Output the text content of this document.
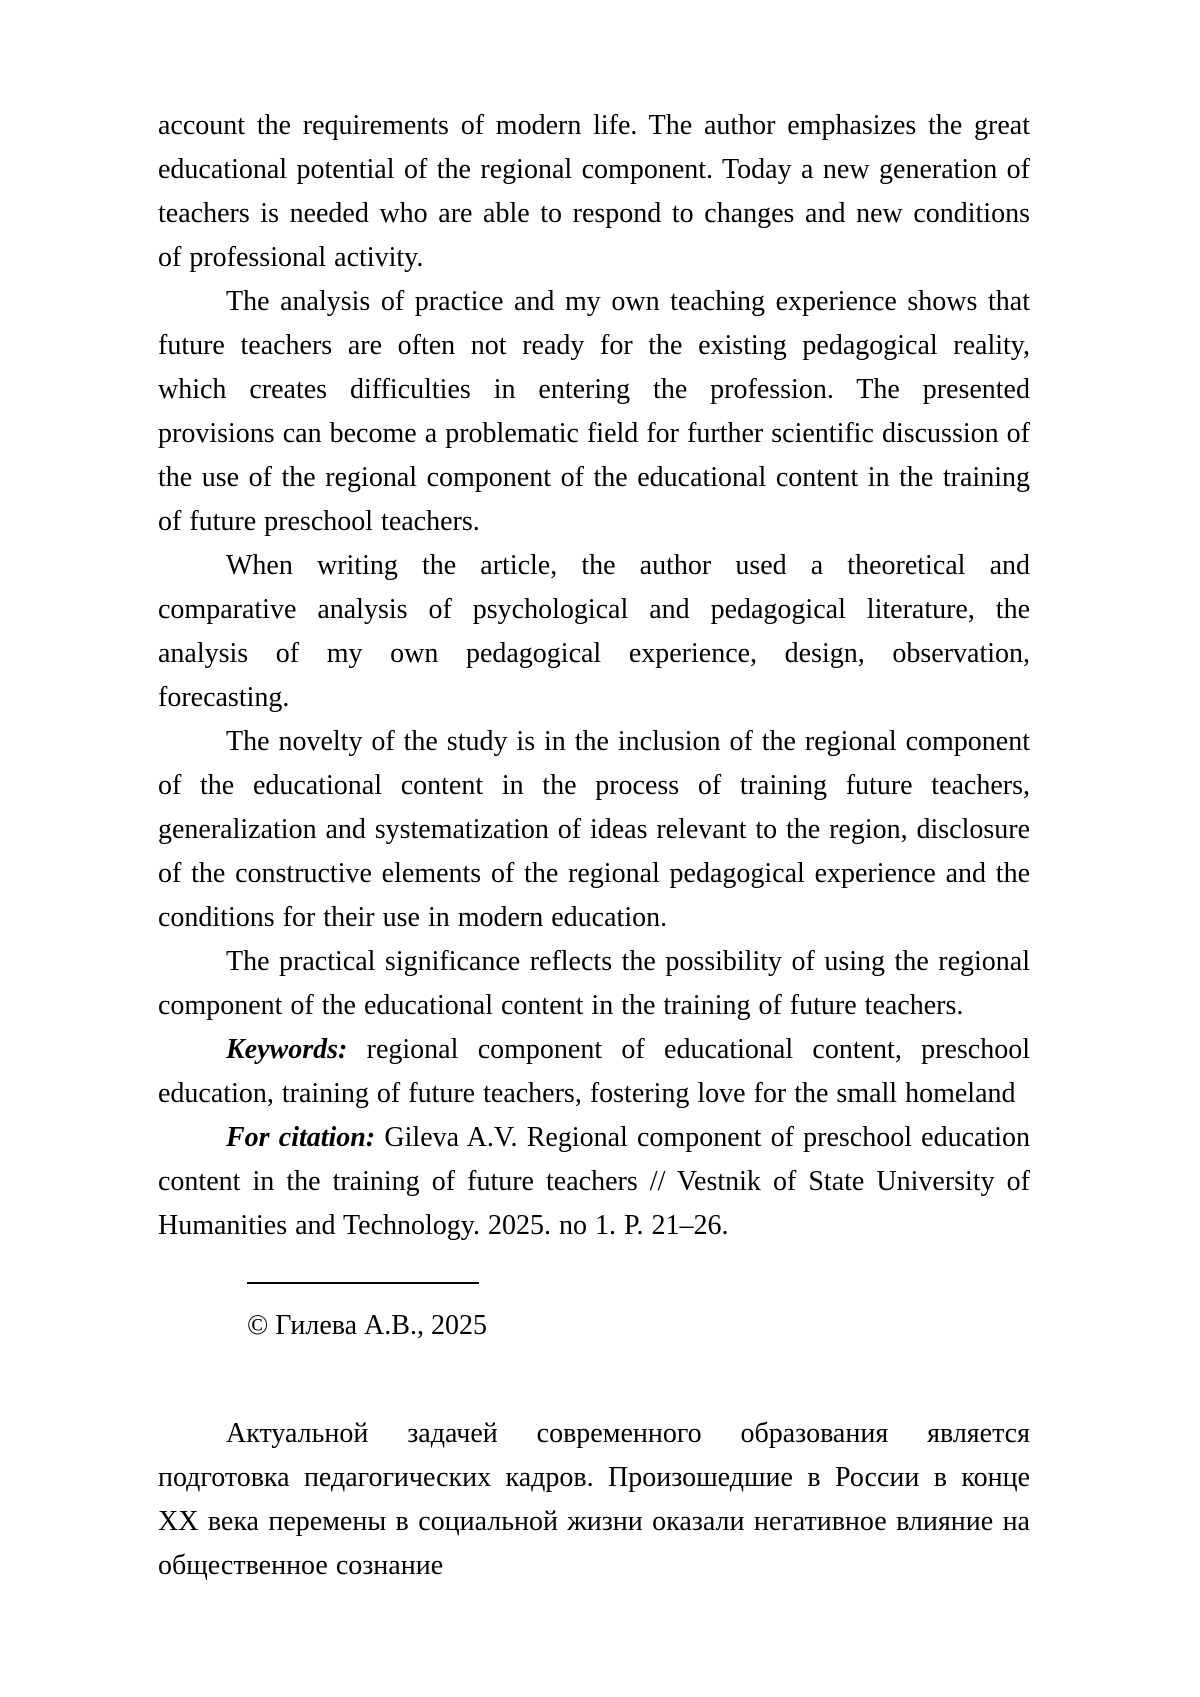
account the requirements of modern life. The author emphasizes the great educational potential of the regional component. Today a new generation of teachers is needed who are able to respond to changes and new conditions of professional activity.

The analysis of practice and my own teaching experience shows that future teachers are often not ready for the existing pedagogical reality, which creates difficulties in entering the profession. The presented provisions can become a problematic field for further scientific discussion of the use of the regional component of the educational content in the training of future preschool teachers.

When writing the article, the author used a theoretical and comparative analysis of psychological and pedagogical literature, the analysis of my own pedagogical experience, design, observation, forecasting.

The novelty of the study is in the inclusion of the regional component of the educational content in the process of training future teachers, generalization and systematization of ideas relevant to the region, disclosure of the constructive elements of the regional pedagogical experience and the conditions for their use in modern education.

The practical significance reflects the possibility of using the regional component of the educational content in the training of future teachers.

Keywords: regional component of educational content, preschool education, training of future teachers, fostering love for the small homeland

For citation: Gileva A.V. Regional component of preschool education content in the training of future teachers // Vestnik of State University of Humanities and Technology. 2025. no 1. P. 21–26.

© Гилева А.В., 2025

Актуальной задачей современного образования является подготовка педагогических кадров. Произошедшие в России в конце XX века перемены в социальной жизни оказали негативное влияние на общественное сознание
